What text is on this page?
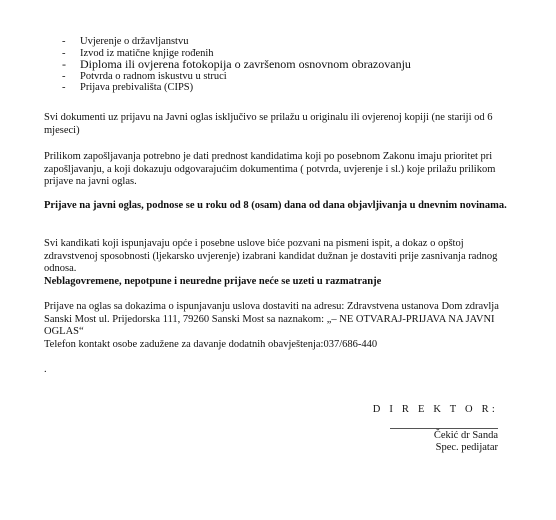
- Uvjerenje o državljanstvu
- Izvod iz matične knjige rođenih
- Diploma ili ovjerena fotokopija o završenom osnovnom obrazovanju
- Potvrda o radnom iskustvu u struci
- Prijava prebivališta (CIPS)

Svi dokumenti uz prijavu na Javni oglas isključivo se prilažu u originalu ili ovjerenoj kopiji (ne stariji od 6 mjeseci)

Prilikom zapošljavanja potrebno je dati prednost kandidatima koji po posebnom Zakonu imaju prioritet pri zapošljavanju, a koji dokazuju odgovarajućim dokumentima ( potvrda, uvjerenje i sl.) koje prilažu prilikom prijave na javni oglas.

Prijave na javni oglas, podnose se u roku od 8 (osam) dana od dana objavljivanja u dnevnim novinama.

Svi kandikati koji ispunjavaju opće i posebne uslove biće pozvani na pismeni ispit, a dokaz o opštoj zdravstvenoj sposobnosti (ljekarsko uvjerenje) izabrani kandidat dužnan je dostaviti prije zasnivanja radnog odnosa.

Neblagovremene, nepotpune i neuredne prijave neće se uzeti u razmatranje

Prijave na oglas sa dokazima o ispunjavanju uslova dostaviti na adresu: Zdravstvena ustanova Dom zdravlja Sanski Most ul. Prijedorska 111, 79260 Sanski Most sa naznakom: „– NE OTVARAJ-PRIJAVA NA JAVNI OGLAS“

Telefon kontakt osobe zadužene za davanje dodatnih obavještenja:037/686-440

.
D I R E K T O R:
Čekić dr Sanda
Spec. pedijatar
